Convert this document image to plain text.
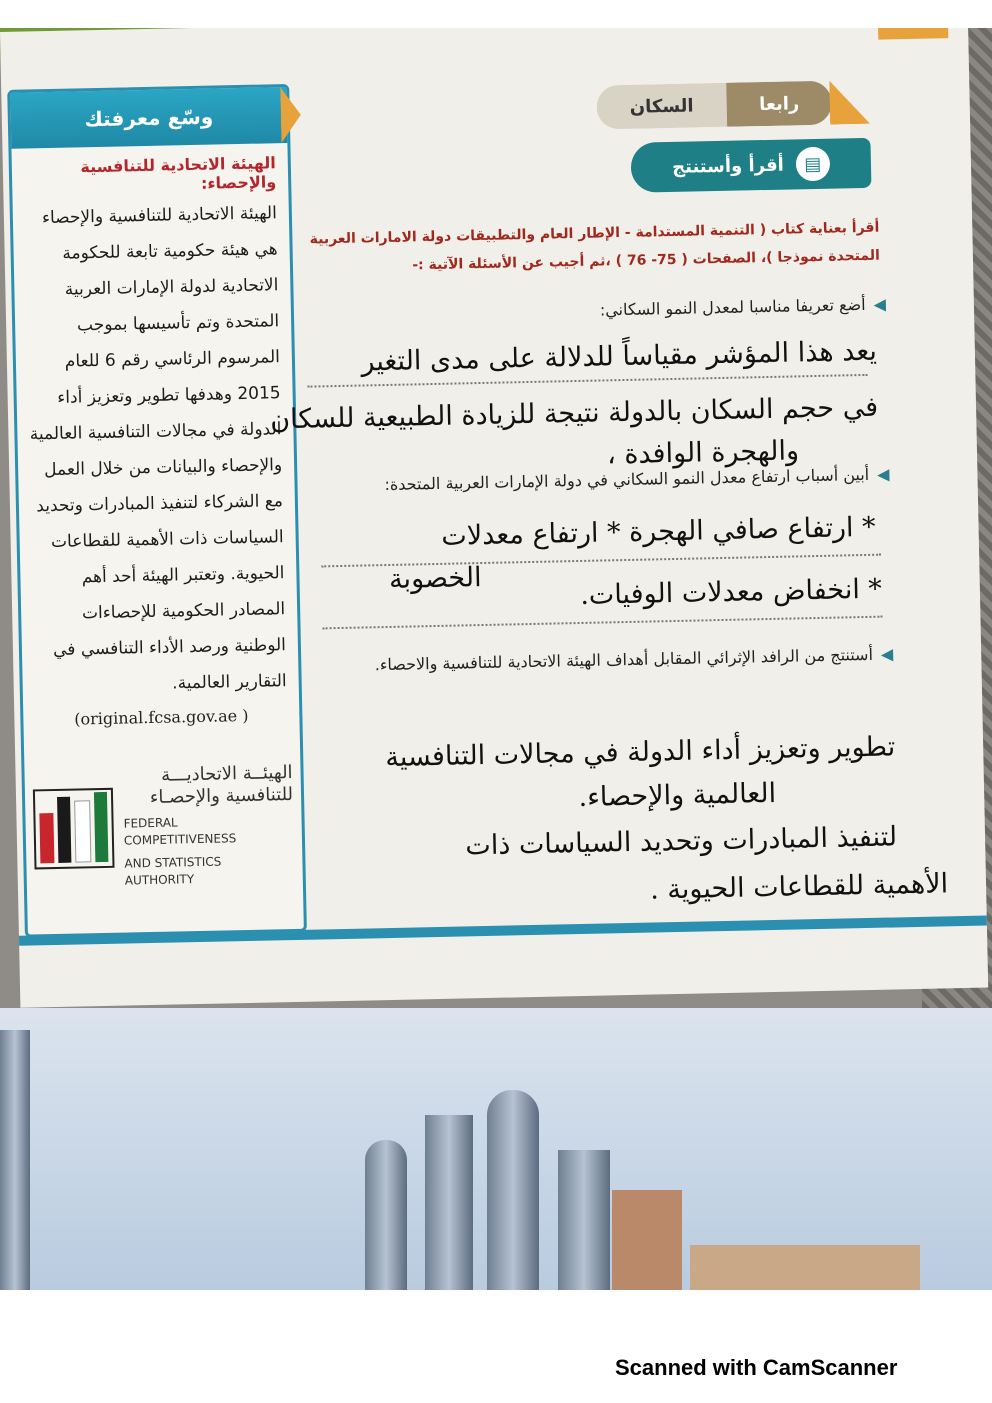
وسّع معرفتك
الهيئة الاتحادية للتنافسية والإحصاء:
الهيئة الاتحادية للتنافسية والإحصاء هي هيئة حكومية تابعة للحكومة الاتحادية لدولة الإمارات العربية المتحدة وتم تأسيسها بموجب المرسوم الرئاسي رقم 6 للعام 2015 وهدفها تطوير وتعزيز أداء الدولة في مجالات التنافسية العالمية والإحصاء والبيانات من خلال العمل مع الشركاء لتنفيذ المبادرات وتحديد السياسات ذات الأهمية للقطاعات الحيوية. وتعتبر الهيئة أحد أهم المصادر الحكومية للإحصاءات الوطنية ورصد الأداء التنافسي في التقارير العالمية.
(original.fcsa.gov.ae )
الهيئــة الاتحاديـــة
للتنافسية والإحصـاء
FEDERAL COMPETITIVENESS
AND STATISTICS AUTHORITY
السكان	رابعا
▤
أقرأ وأستنتج
أقرأ بعناية كتاب ( التنمية المستدامة - الإطار العام والتطبيقات دولة الامارات العربية المتحدة نموذجا )، الصفحات ( 75- 76 ) ،ثم أجيب عن الأسئلة الآتية :-
◀أضع تعريفا مناسبا لمعدل النمو السكاني:
يعد هذا المؤشر مقياساً للدلالة على مدى التغير
في حجم السكان بالدولة نتيجة للزيادة الطبيعية للسكان
والهجرة الوافدة ،
◀أبين أسباب ارتفاع معدل النمو السكاني في دولة الإمارات العربية المتحدة:
* ارتفاع صافي الهجرة * ارتفاع معدلات
الخصوبة	* انخفاض معدلات الوفيات.
◀أستنتج من الرافد الإثرائي المقابل أهداف الهيئة الاتحادية للتنافسية والاحصاء.
تطوير وتعزيز أداء الدولة في مجالات التنافسية
العالمية والإحصاء.
لتنفيذ المبادرات وتحديد السياسات ذات
الأهمية للقطاعات الحيوية .
Scanned with CamScanner
